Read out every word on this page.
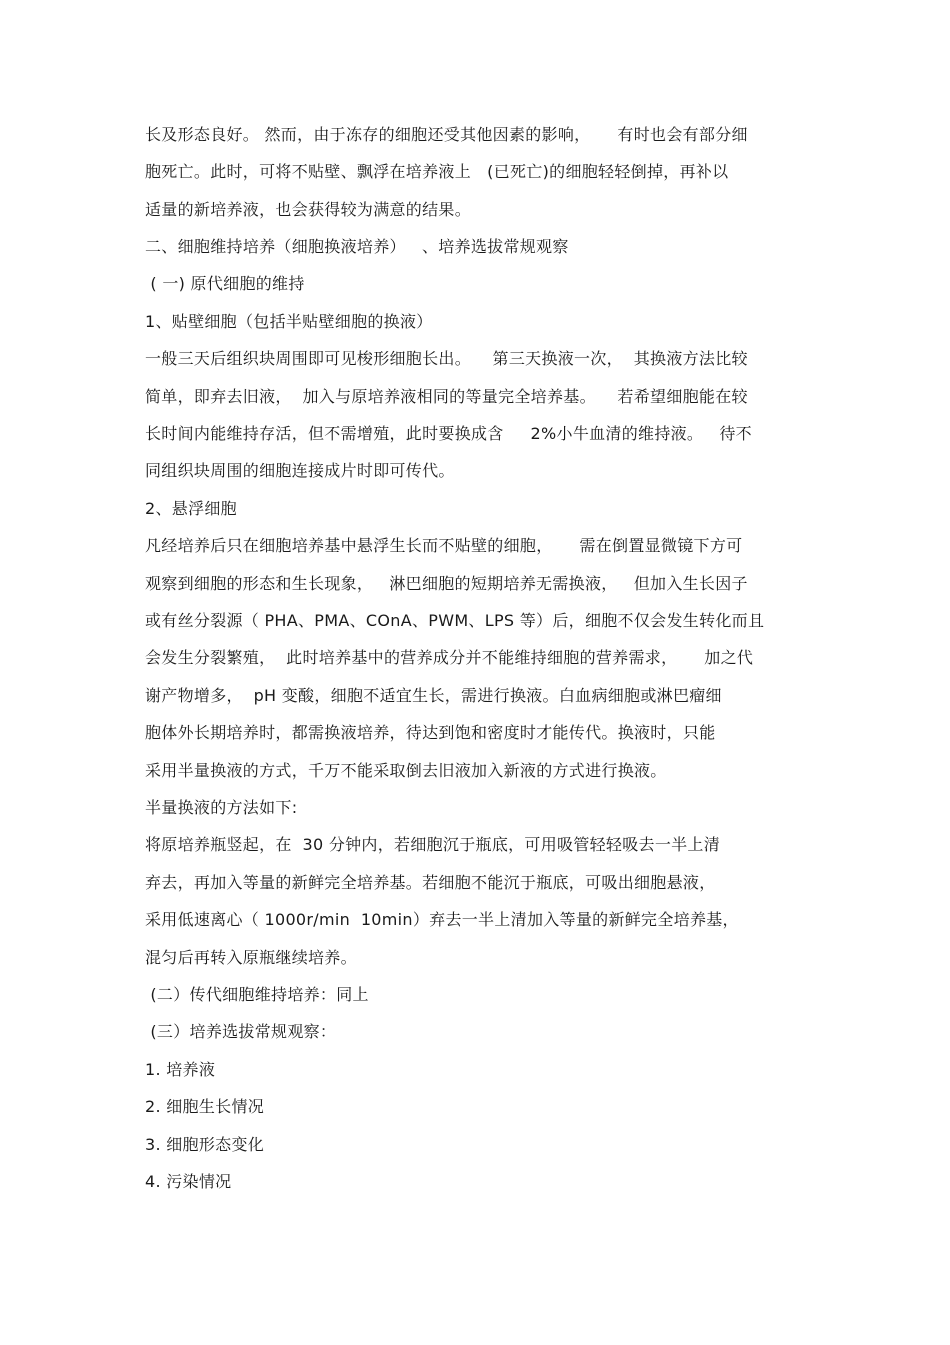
长及形态良好。 然而，由于冻存的细胞还受其他因素的影响，     有时也会有部分细
胞死亡。此时，可将不贴壁、飘浮在培养液上   (已死亡)的细胞轻轻倒掉，再补以
适量的新培养液，也会获得较为满意的结果。
二、细胞维持培养（细胞换液培养）   、培养选拔常规观察
( 一) 原代细胞的维持
1、贴壁细胞（包括半贴壁细胞的换液）
一般三天后组织块周围即可见梭形细胞长出。    第三天换液一次，  其换液方法比较
简单，即弃去旧液，  加入与原培养液相同的等量完全培养基。    若希望细胞能在较
长时间内能维持存活，但不需增殖，此时要换成含     2%小牛血清的维持液。   待不
同组织块周围的细胞连接成片时即可传代。
2、悬浮细胞
凡经培养后只在细胞培养基中悬浮生长而不贴壁的细胞，     需在倒置显微镜下方可
观察到细胞的形态和生长现象，   淋巴细胞的短期培养无需换液，   但加入生长因子
或有丝分裂源（ PHA、PMA、COnA、PWM、LPS 等）后，细胞不仅会发生转化而且
会发生分裂繁殖，  此时培养基中的营养成分并不能维持细胞的营养需求，     加之代
谢产物增多，  pH 变酸，细胞不适宜生长，需进行换液。白血病细胞或淋巴瘤细
胞体外长期培养时，都需换液培养，待达到饱和密度时才能传代。换液时，只能
采用半量换液的方式，千万不能采取倒去旧液加入新液的方式进行换液。
半量换液的方法如下:
将原培养瓶竖起，在  30 分钟内，若细胞沉于瓶底，可用吸管轻轻吸去一半上清
弃去，再加入等量的新鲜完全培养基。若细胞不能沉于瓶底，可吸出细胞悬液，
采用低速离心（ 1000r/min  10min）弃去一半上清加入等量的新鲜完全培养基，
混匀后再转入原瓶继续培养。
(二）传代细胞维持培养：同上
(三）培养选拔常规观察：
1. 培养液
2. 细胞生长情况
3. 细胞形态变化
4. 污染情况
